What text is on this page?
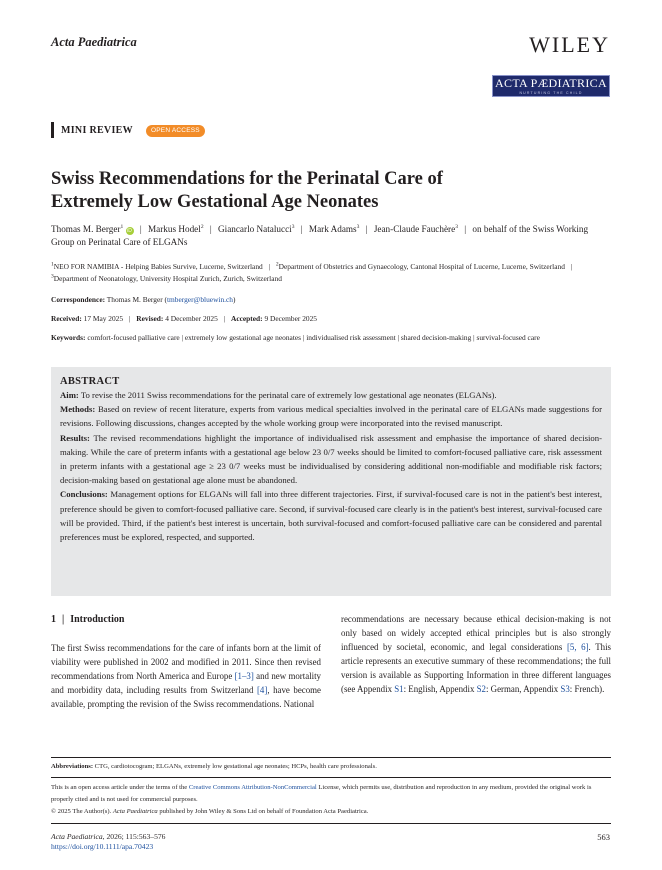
Acta Paediatrica	WILEY
ACTA PÆDIATRICA
NURTURING THE CHILD
MINI REVIEW	OPEN ACCESS
Swiss Recommendations for the Perinatal Care of
Extremely Low Gestational Age Neonates
Thomas M. Berger$^1$ iD | Markus Hodel$^2$ | Giancarlo Natalucci$^3$ | Mark Adams$^3$ | Jean-Claude Fauchère$^3$ | on behalf of the Swiss Working Group on Perinatal Care of ELGANs
$^1$NEO FOR NAMIBIA - Helping Babies Survive, Lucerne, Switzerland | $^2$Department of Obstetrics and Gynaecology, Cantonal Hospital of Lucerne, Lucerne, Switzerland | $^3$Department of Neonatology, University Hospital Zurich, Zurich, Switzerland
Correspondence: Thomas M. Berger (tmberger@bluewin.ch)
Received: 17 May 2025 | Revised: 4 December 2025 | Accepted: 9 December 2025
Keywords: comfort-focused palliative care | extremely low gestational age neonates | individualised risk assessment | shared decision-making | survival-focused care
ABSTRACT

Aim: To revise the 2011 Swiss recommendations for the perinatal care of extremely low gestational age neonates (ELGANs).

Methods: Based on review of recent literature, experts from various medical specialties involved in the perinatal care of ELGANs made suggestions for revisions. Following discussions, changes accepted by the whole working group were incorporated into the revised manuscript.

Results: The revised recommendations highlight the importance of individualised risk assessment and emphasise the importance of shared decision-making. While the care of preterm infants with a gestational age below 23 0/7 weeks should be limited to comfort-focused palliative care, risk assessment in preterm infants with a gestational age ≥ 23 0/7 weeks must be individualised by considering additional non-modifiable and modifiable risk factors; decision-making based on gestational age alone must be abandoned.

Conclusions: Management options for ELGANs will fall into three different trajectories. First, if survival-focused care is not in the patient's best interest, preference should be given to comfort-focused palliative care. Second, if survival-focused care clearly is in the patient's best interest, survival-focused care will be provided. Third, if the patient's best interest is uncertain, both survival-focused and comfort-focused palliative care can be considered and parental preferences must be explored, respected, and supported.

1 | Introduction

The first Swiss recommendations for the care of infants born at the limit of viability were published in 2002 and modified in 2011. Since then revised recommendations from North America and Europe [1–3] and new mortality and morbidity data, including results from Switzerland [4], have become available, prompting the revision of the Swiss recommendations. National

recommendations are necessary because ethical decision-making is not only based on widely accepted ethical principles but is also strongly influenced by societal, economic, and legal considerations [5, 6]. This article represents an executive summary of these recommendations; the full version is available as Supporting Information in three different languages (see Appendix S1: English, Appendix S2: German, Appendix S3: French).

Abbreviations: CTG, cardiotocogram; ELGANs, extremely low gestational age neonates; HCPs, health care professionals.
This is an open access article under the terms of the Creative Commons Attribution-NonCommercial License, which permits use, distribution and reproduction in any medium, provided the original work is properly cited and is not used for commercial purposes.
© 2025 The Author(s). Acta Paediatrica published by John Wiley & Sons Ltd on behalf of Foundation Acta Paediatrica.
Acta Paediatrica, 2026; 115:563–576
https://doi.org/10.1111/apa.70423
563
